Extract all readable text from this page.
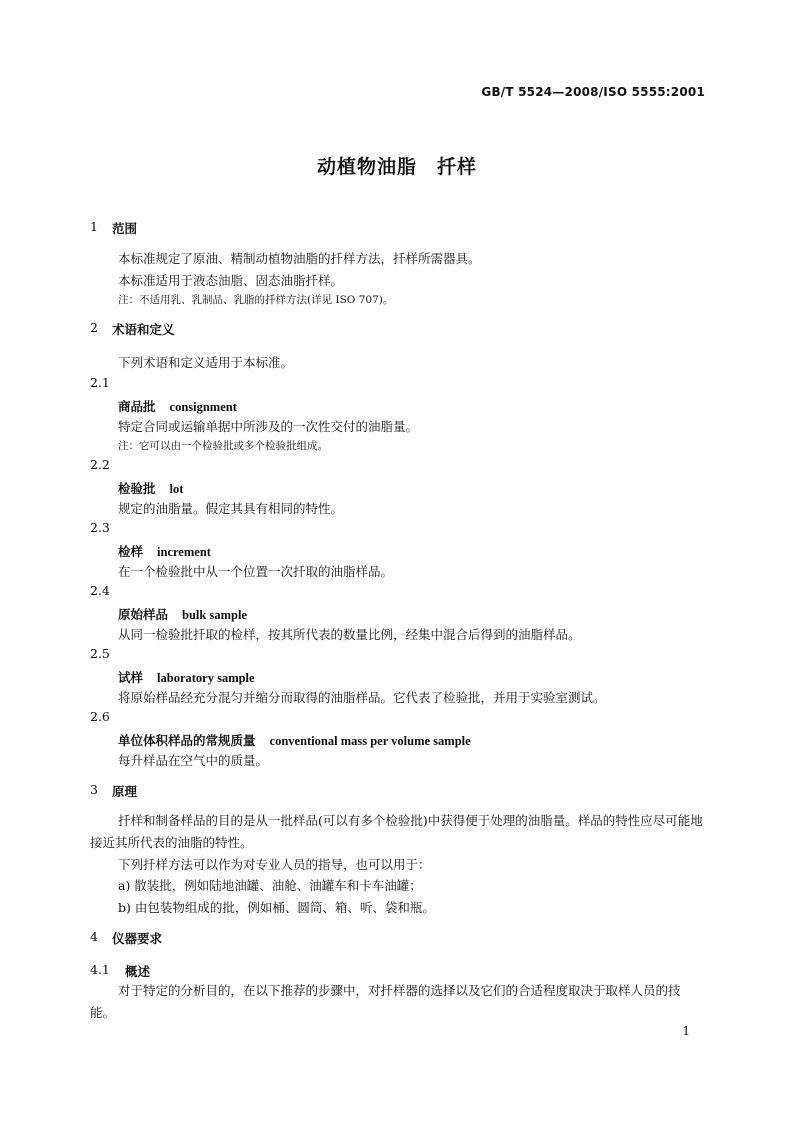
GB/T 5524—2008/ISO 5555:2001
动植物油脂　扦样
1 范围
本标准规定了原油、精制动植物油脂的扦样方法，扦样所需器具。
本标准适用于液态油脂、固态油脂扦样。
注：不适用乳、乳制品、乳脂的扦样方法(详见 ISO 707)。
2 术语和定义
下列术语和定义适用于本标准。
2.1
商品批 consignment
特定合同或运输单据中所涉及的一次性交付的油脂量。
注：它可以由一个检验批或多个检验批组成。
2.2
检验批 lot
规定的油脂量。假定其具有相同的特性。
2.3
检样 increment
在一个检验批中从一个位置一次扦取的油脂样品。
2.4
原始样品 bulk sample
从同一检验批扦取的检样，按其所代表的数量比例，经集中混合后得到的油脂样品。
2.5
试样 laboratory sample
将原始样品经充分混匀并缩分而取得的油脂样品。它代表了检验批，并用于实验室测试。
2.6
单位体积样品的常规质量 conventional mass per volume sample
每升样品在空气中的质量。
3 原理
扦样和制备样品的目的是从一批样品(可以有多个检验批)中获得便于处理的油脂量。样品的特性应尽可能地接近其所代表的油脂的特性。
下列扦样方法可以作为对专业人员的指导，也可以用于：
a) 散装批，例如陆地油罐、油舱、油罐车和卡车油罐；
b) 由包装物组成的批，例如桶、圆筒、箱、听、袋和瓶。
4 仪器要求
4.1 概述
对于特定的分析目的，在以下推荐的步骤中，对扦样器的选择以及它们的合适程度取决于取样人员的技能。
1
